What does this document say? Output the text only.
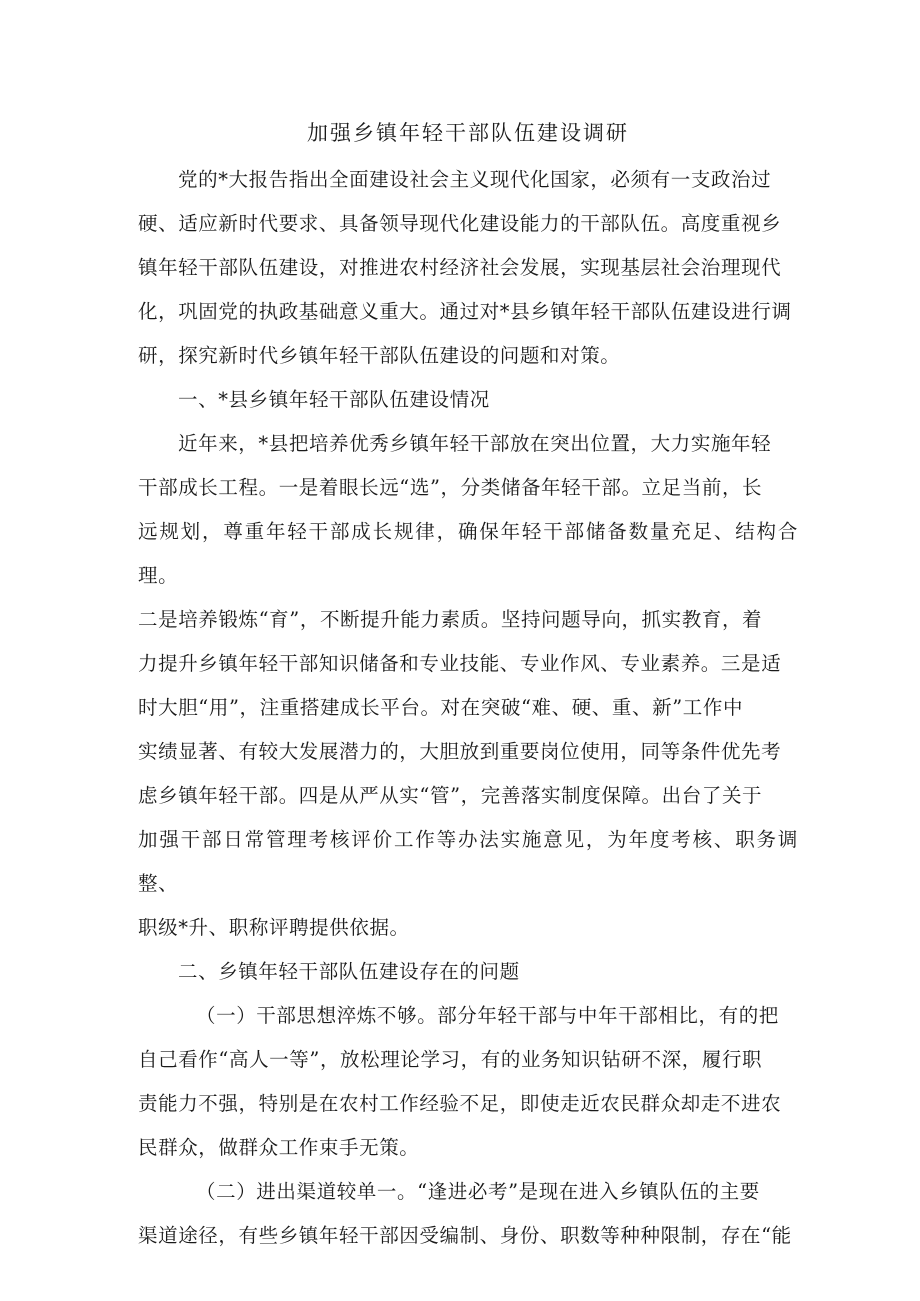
加强乡镇年轻干部队伍建设调研

党的*大报告指出全面建设社会主义现代化国家，必须有一支政治过
硬、适应新时代要求、具备领导现代化建设能力的干部队伍。高度重视乡
镇年轻干部队伍建设，对推进农村经济社会发展，实现基层社会治理现代
化，巩固党的执政基础意义重大。通过对*县乡镇年轻干部队伍建设进行调
研，探究新时代乡镇年轻干部队伍建设的问题和对策。

一、*县乡镇年轻干部队伍建设情况

近年来，*县把培养优秀乡镇年轻干部放在突出位置，大力实施年轻
干部成长工程。一是着眼长远“选”，分类储备年轻干部。立足当前，长
远规划，尊重年轻干部成长规律，确保年轻干部储备数量充足、结构合理。
二是培养锻炼“育”，不断提升能力素质。坚持问题导向，抓实教育，着
力提升乡镇年轻干部知识储备和专业技能、专业作风、专业素养。三是适
时大胆“用”，注重搭建成长平台。对在突破“难、硬、重、新”工作中
实绩显著、有较大发展潜力的，大胆放到重要岗位使用，同等条件优先考
虑乡镇年轻干部。四是从严从实“管”，完善落实制度保障。出台了关于
加强干部日常管理考核评价工作等办法实施意见，为年度考核、职务调整、
职级*升、职称评聘提供依据。

二、乡镇年轻干部队伍建设存在的问题

（一）干部思想淬炼不够。部分年轻干部与中年干部相比，有的把
自己看作“高人一等”，放松理论学习，有的业务知识钻研不深，履行职
责能力不强，特别是在农村工作经验不足，即使走近农民群众却走不进农
民群众，做群众工作束手无策。

（二）进出渠道较单一。“逢进必考”是现在进入乡镇队伍的主要
渠道途径，有些乡镇年轻干部因受编制、身份、职数等种种限制，存在“能
